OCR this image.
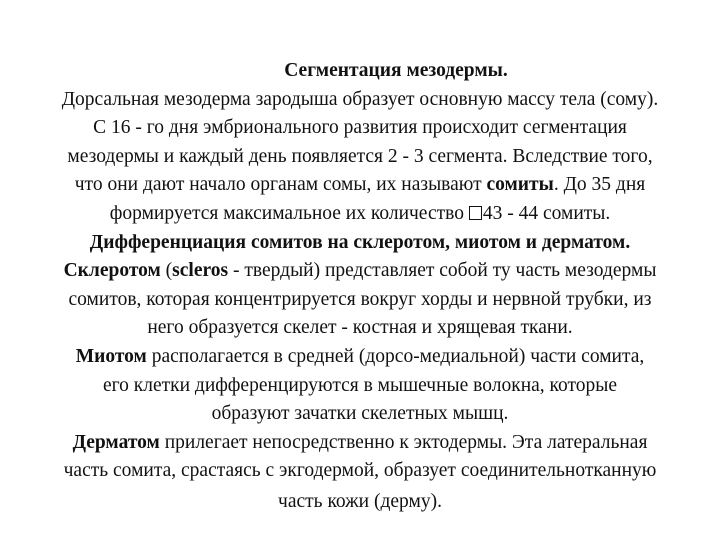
Сегментация мезодермы.
Дорсальная мезодерма зародыша образует основную массу тела (сому).
С 16 - го дня эмбрионального развития происходит сегментация
мезодермы и каждый день появляется 2 - 3 сегмента. Вследствие того,
что они дают начало органам сомы, их называют сомиты. До 35 дня
формируется максимальное их количество 43 - 44 сомиты.
Дифференциация сомитов на склеротом, миотом и дерматом.
Склеротом (scleros - твердый) представляет собой ту часть мезодермы
сомитов, которая концентрируется вокруг хорды и нервной трубки, из
него образуется скелет - костная и хрящевая ткани.
Миотом располагается в средней (дорсо-медиальной) части сомита,
его клетки дифференцируются в мышечные волокна, которые
образуют зачатки скелетных мышц.
Дерматом прилегает непосредственно к эктодермы. Эта латеральная
часть сомита, срастаясь с экгодермой, образует соединительнотканную
часть кожи (дерму).
